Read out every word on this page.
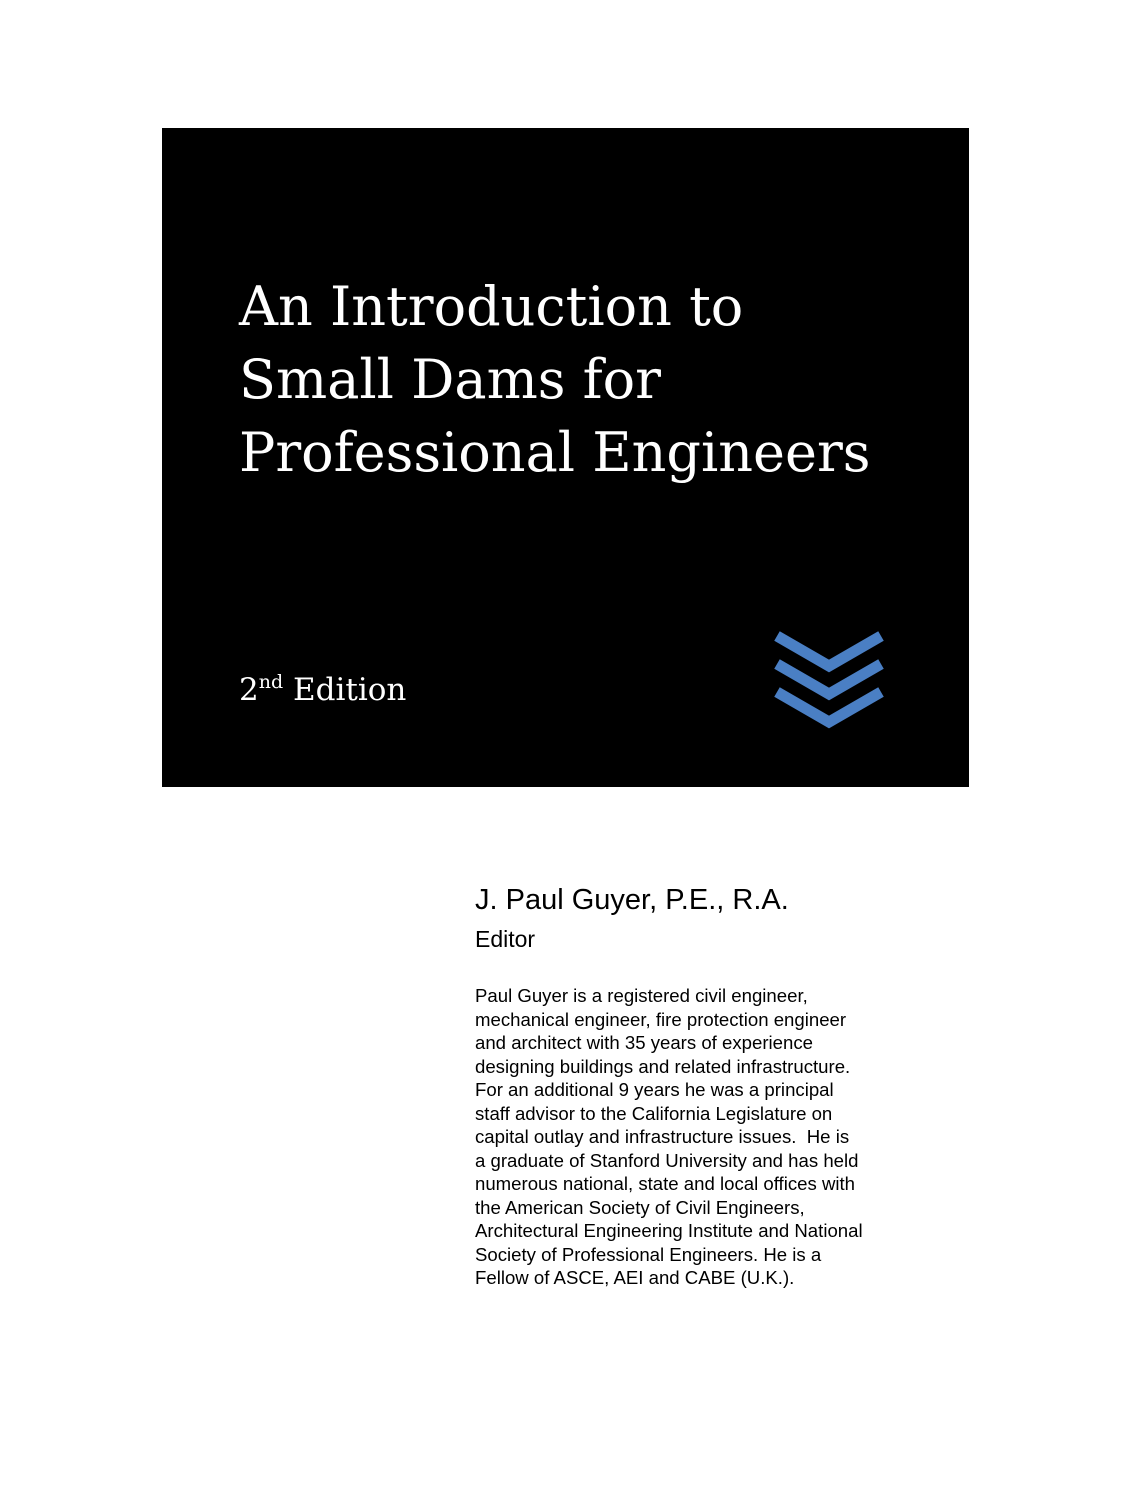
An Introduction to
Small Dams for
Professional Engineers
2nd Edition
J. Paul Guyer, P.E., R.A.
Editor
Paul Guyer is a registered civil engineer,
mechanical engineer, fire protection engineer
and architect with 35 years of experience
designing buildings and related infrastructure.
For an additional 9 years he was a principal
staff advisor to the California Legislature on
capital outlay and infrastructure issues.  He is
a graduate of Stanford University and has held
numerous national, state and local offices with
the American Society of Civil Engineers,
Architectural Engineering Institute and National
Society of Professional Engineers. He is a
Fellow of ASCE, AEI and CABE (U.K.).
